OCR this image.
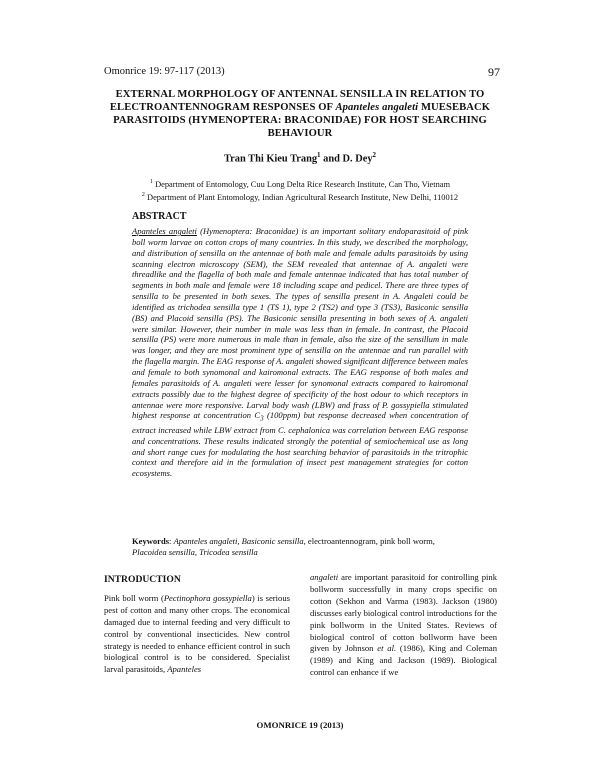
Omonrice 19: 97-117 (2013)	97
EXTERNAL MORPHOLOGY OF ANTENNAL SENSILLA IN RELATION TO ELECTROANTENNOGRAM RESPONSES OF Apanteles angaleti MUESEBACK PARASITOIDS (HYMENOPTERA: BRACONIDAE) FOR HOST SEARCHING BEHAVIOUR
Tran Thi Kieu Trang$^1$ and D. Dey$^2$
$^1$ Department of Entomology, Cuu Long Delta Rice Research Institute, Can Tho, Vietnam
$^2$ Department of Plant Entomology, Indian Agricultural Research Institute, New Delhi, 110012
ABSTRACT
Apanteles angaleti (Hymenoptera: Braconidae) is an important solitary endoparasitoid of pink boll worm larvae on cotton crops of many countries. In this study, we described the morphology, and distribution of sensilla on the antennae of both male and female adults parasitoids by using scanning electron microscopy (SEM), the SEM revealed that antennae of A. angaleti were threadlike and the flagella of both male and female antennae indicated that has total number of segments in both male and female were 18 including scape and pedicel. There are three types of sensilla to be presented in both sexes. The types of sensilla present in A. Angaleti could be identified as trichodea sensilla type 1 (TS 1), type 2 (TS2) and type 3 (TS3), Basiconic sensilla (BS) and Placoid sensilla (PS). The Basiconic sensilla presenting in both sexes of A. angaleti were similar. However, their number in male was less than in female. In contrast, the Placoid sensilla (PS) were more numerous in male than in female, also the size of the sensillum in male was longer, and they are most prominent type of sensilla on the antennae and run parallel with the flagella margin. The EAG response of A. angaleti showed significant difference between males and female to both synomonal and kairomonal extracts. The EAG response of both males and females parasitoids of A. angaleti were lesser for synomonal extracts compared to kairomonal extracts possibly due to the highest degree of specificity of the host odour to which receptors in antennae were more responsive. Larval body wash (LBW) and frass of P. gossypiella stimulated highest response at concentration $C_3$ (100ppm) but response decreased when concentration of extract increased while LBW extract from C. cephalonica was correlation between EAG response and concentrations. These results indicated strongly the potential of semiochemical use as long and short range cues for modulating the host searching behavior of parasitoids in the tritrophic context and therefore aid in the formulation of insect pest management strategies for cotton ecosystems.
Keywords: Apanteles angaleti, Basiconic sensilla, electroantennogram, pink boll worm, Placoidea sensilla, Tricodea sensilla
INTRODUCTION

Pink boll worm (Pectinophora gossypiella) is serious pest of cotton and many other crops. The economical damaged due to internal feeding and very difficult to control by conventional insecticides. New control strategy is needed to enhance efficient control in such biological control is to be considered. Specialist larval parasitoids, Apanteles

angaleti are important parasitoid for controlling pink bollworm successfully in many crops specific on cotton (Sekhon and Varma (1983). Jackson (1980) discusses early biological control introductions for the pink bollworm in the United States. Reviews of biological control of cotton bollworm have been given by Johnson et al. (1986), King and Coleman (1989) and King and Jackson (1989). Biological control can enhance if we

OMONRICE 19 (2013)
